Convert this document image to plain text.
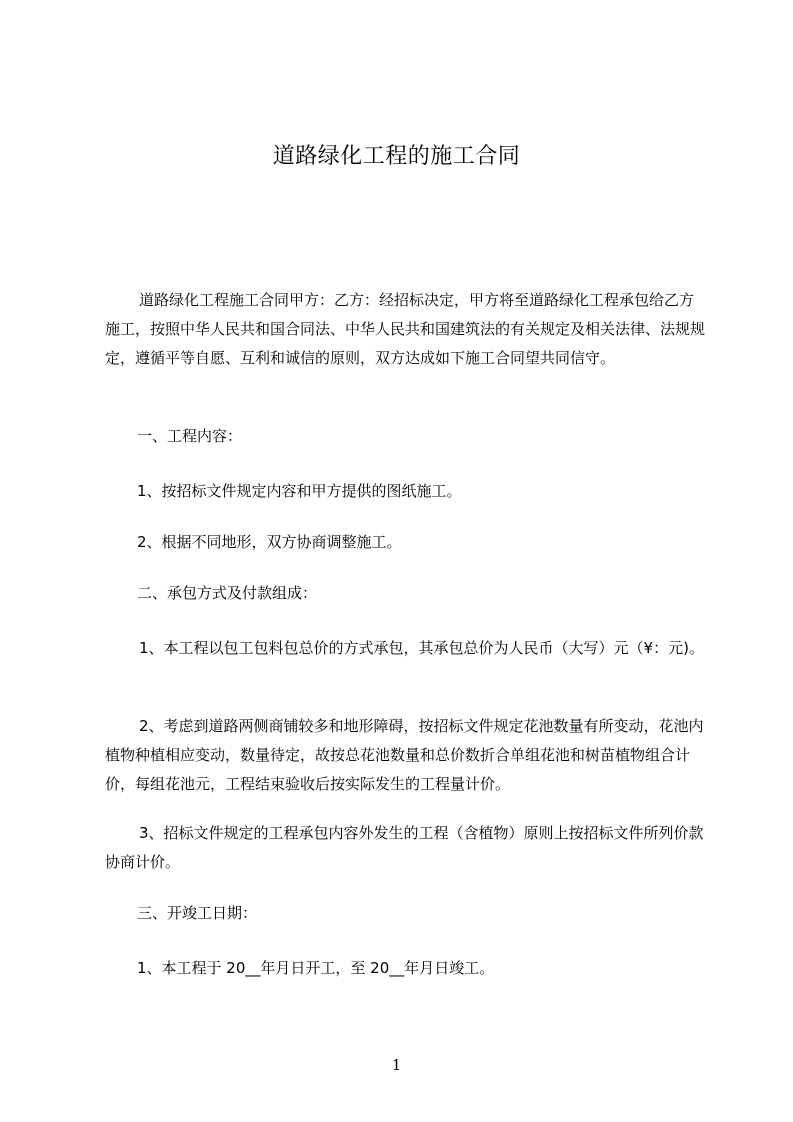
道路绿化工程的施工合同

道路绿化工程施工合同甲方：乙方：经招标决定，甲方将至道路绿化工程承包给乙方施工，按照中华人民共和国合同法、中华人民共和国建筑法的有关规定及相关法律、法规规定，遵循平等自愿、互利和诚信的原则，双方达成如下施工合同望共同信守。

一、工程内容：

1、按招标文件规定内容和甲方提供的图纸施工。

2、根据不同地形，双方协商调整施工。

二、承包方式及付款组成：

1、本工程以包工包料包总价的方式承包，其承包总价为人民币（大写）元（¥：元)。

2、考虑到道路两侧商铺较多和地形障碍，按招标文件规定花池数量有所变动，花池内植物种植相应变动，数量待定，故按总花池数量和总价数折合单组花池和树苗植物组合计价，每组花池元，工程结束验收后按实际发生的工程量计价。

3、招标文件规定的工程承包内容外发生的工程（含植物）原则上按招标文件所列价款协商计价。

三、开竣工日期：

1、本工程于 20__年月日开工，至 20__年月日竣工。

1
